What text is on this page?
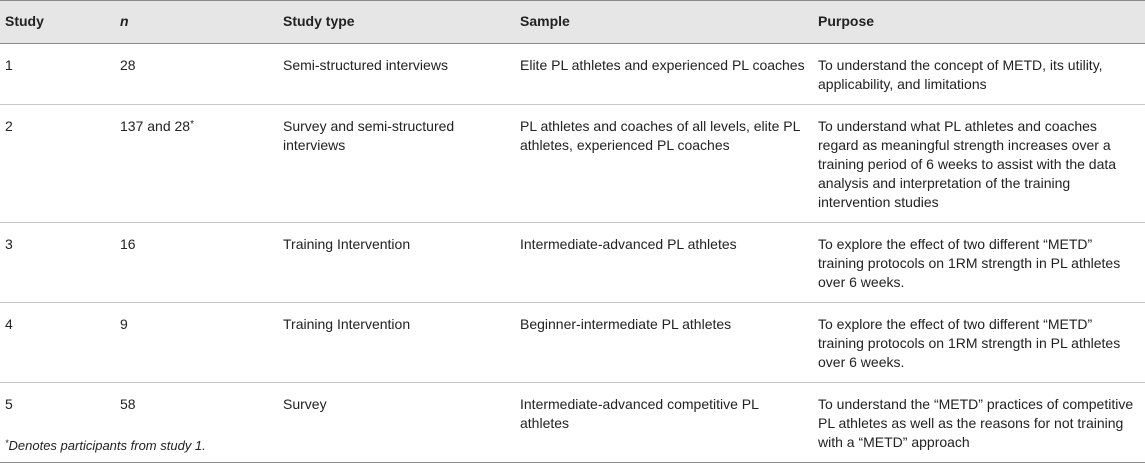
Study	n	Study type	Sample	Purpose
1	28	Semi-structured interviews	Elite PL athletes and experienced PL coaches	To understand the concept of METD, its utility, applicability, and limitations
2	137 and 28*	Survey and semi-structured interviews	PL athletes and coaches of all levels, elite PL athletes, experienced PL coaches	To understand what PL athletes and coaches regard as meaningful strength increases over a training period of 6 weeks to assist with the data analysis and interpretation of the training intervention studies
3	16	Training Intervention	Intermediate-advanced PL athletes	To explore the effect of two different “METD” training protocols on 1RM strength in PL athletes over 6 weeks.
4	9	Training Intervention	Beginner-intermediate PL athletes	To explore the effect of two different “METD” training protocols on 1RM strength in PL athletes over 6 weeks.
5	58	Survey	Intermediate-advanced competitive PL athletes	To understand the “METD” practices of competitive PL athletes as well as the reasons for not training with a “METD” approach
*Denotes participants from study 1.
